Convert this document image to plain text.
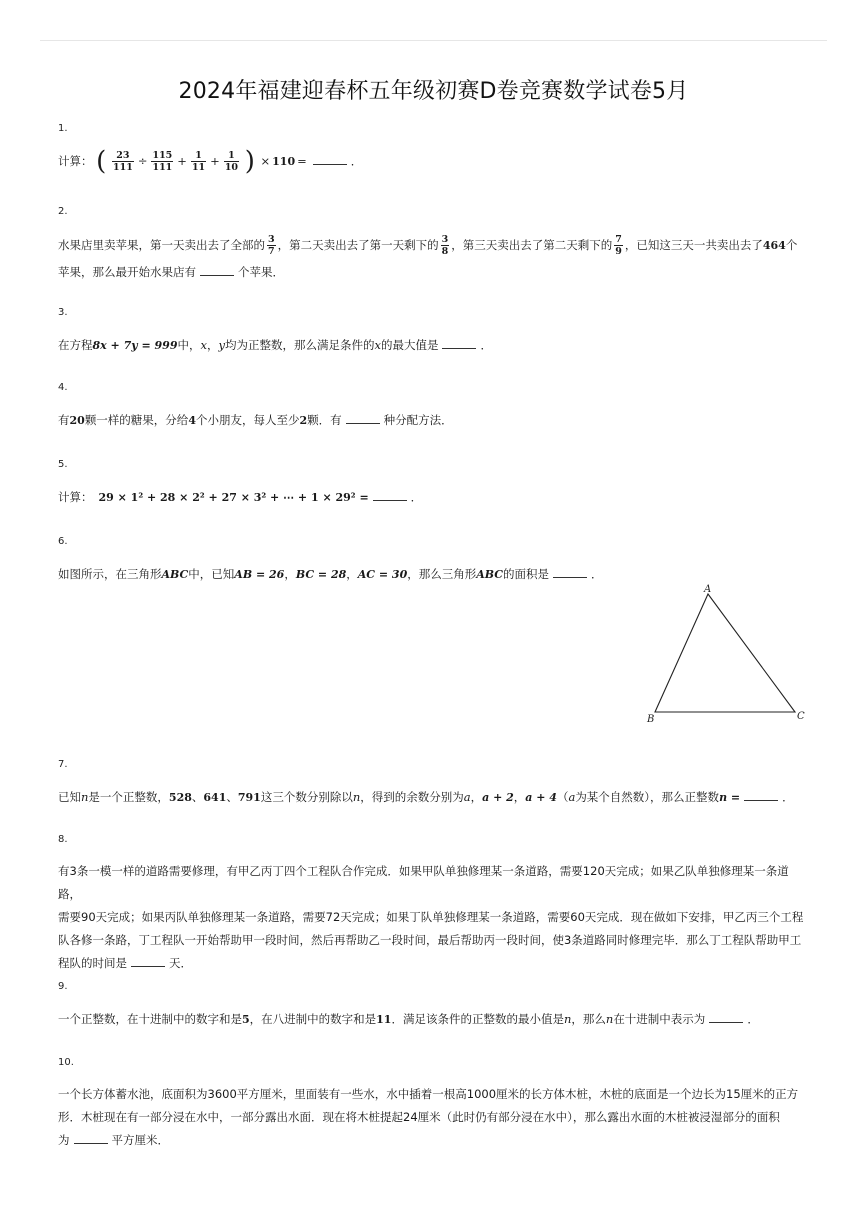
2024年福建迎春杯五年级初赛D卷竞赛数学试卷5月
1.
计算： ( $\frac{23}{111} \div \frac{115}{111} + \frac{1}{11} + \frac{1}{10}$ ) × 110 =	．
2.
水果店里卖苹果，第一天卖出去了全部的 $\frac{3}{7}$ ，第二天卖出去了第一天剩下的 $\frac{3}{8}$ ，第三天卖出去了第二天剩下的 $\frac{7}{9}$ ，已知这三天一共卖出去了464个苹果，那么最开始水果店有	个苹果．
3.
在方程8x + 7y = 999中，x，y均为正整数，那么满足条件的x的最大值是	．
4.
有20颗一样的糖果，分给4个小朋友，每人至少2颗．有	种分配方法．
5.
计算： 29 × 1² + 28 × 2² + 27 × 3² + ⋯ + 1 × 29² =	．
6.
如图所示，在三角形ABC中，已知AB = 26，BC = 28，AC = 30，那么三角形ABC的面积是	．
A
B	C
7.
已知n是一个正整数，528、641、791这三个数分别除以n，得到的余数分别为a，a + 2，a + 4（a为某个自然数），那么正整数n =	．
8.
有3条一模一样的道路需要修理，有甲乙丙丁四个工程队合作完成．如果甲队单独修理某一条道路，需要120天完成；如果乙队单独修理某一条道路，
需要90天完成；如果丙队单独修理某一条道路，需要72天完成；如果丁队单独修理某一条道路，需要60天完成．现在做如下安排，甲乙丙三个工程
队各修一条路，丁工程队一开始帮助甲一段时间，然后再帮助乙一段时间，最后帮助丙一段时间，使3条道路同时修理完毕．那么丁工程队帮助甲工
程队的时间是	天．
9.
一个正整数，在十进制中的数字和是5，在八进制中的数字和是11．满足该条件的正整数的最小值是n，那么n在十进制中表示为	．
10.
一个长方体蓄水池，底面积为3600平方厘米，里面装有一些水，水中插着一根高1000厘米的长方体木桩，木桩的底面是一个边长为15厘米的正方
形．木桩现在有一部分浸在水中，一部分露出水面．现在将木桩提起24厘米（此时仍有部分浸在水中），那么露出水面的木桩被浸湿部分的面积
为	平方厘米．
